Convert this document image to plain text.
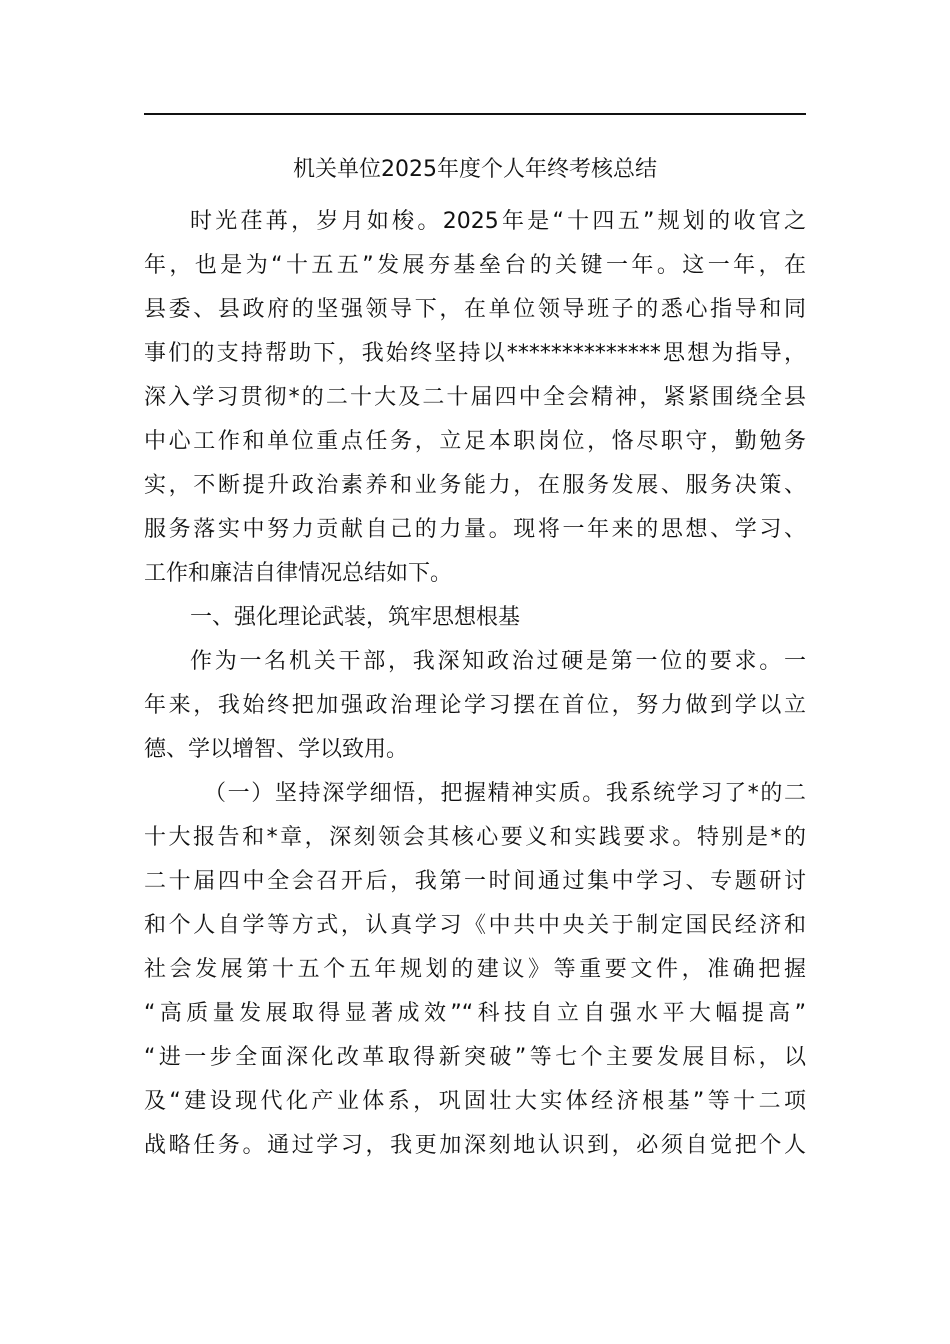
机关单位2025年度个人年终考核总结
时光荏苒，岁月如梭。2025年是“十四五”规划的收官之
年，也是为“十五五”发展夯基垒台的关键一年。这一年，在
县委、县政府的坚强领导下，在单位领导班子的悉心指导和同
事们的支持帮助下，我始终坚持以**************思想为指导，
深入学习贯彻*的二十大及二十届四中全会精神，紧紧围绕全县
中心工作和单位重点任务，立足本职岗位，恪尽职守，勤勉务
实，不断提升政治素养和业务能力，在服务发展、服务决策、
服务落实中努力贡献自己的力量。现将一年来的思想、学习、
工作和廉洁自律情况总结如下。
一、强化理论武装，筑牢思想根基
作为一名机关干部，我深知政治过硬是第一位的要求。一
年来，我始终把加强政治理论学习摆在首位，努力做到学以立
德、学以增智、学以致用。
（一）坚持深学细悟，把握精神实质。我系统学习了*的二
十大报告和*章，深刻领会其核心要义和实践要求。特别是*的
二十届四中全会召开后，我第一时间通过集中学习、专题研讨
和个人自学等方式，认真学习《中共中央关于制定国民经济和
社会发展第十五个五年规划的建议》等重要文件，准确把握
“高质量发展取得显著成效”“科技自立自强水平大幅提高”
“进一步全面深化改革取得新突破”等七个主要发展目标，以
及“建设现代化产业体系，巩固壮大实体经济根基”等十二项
战略任务。通过学习，我更加深刻地认识到，必须自觉把个人
